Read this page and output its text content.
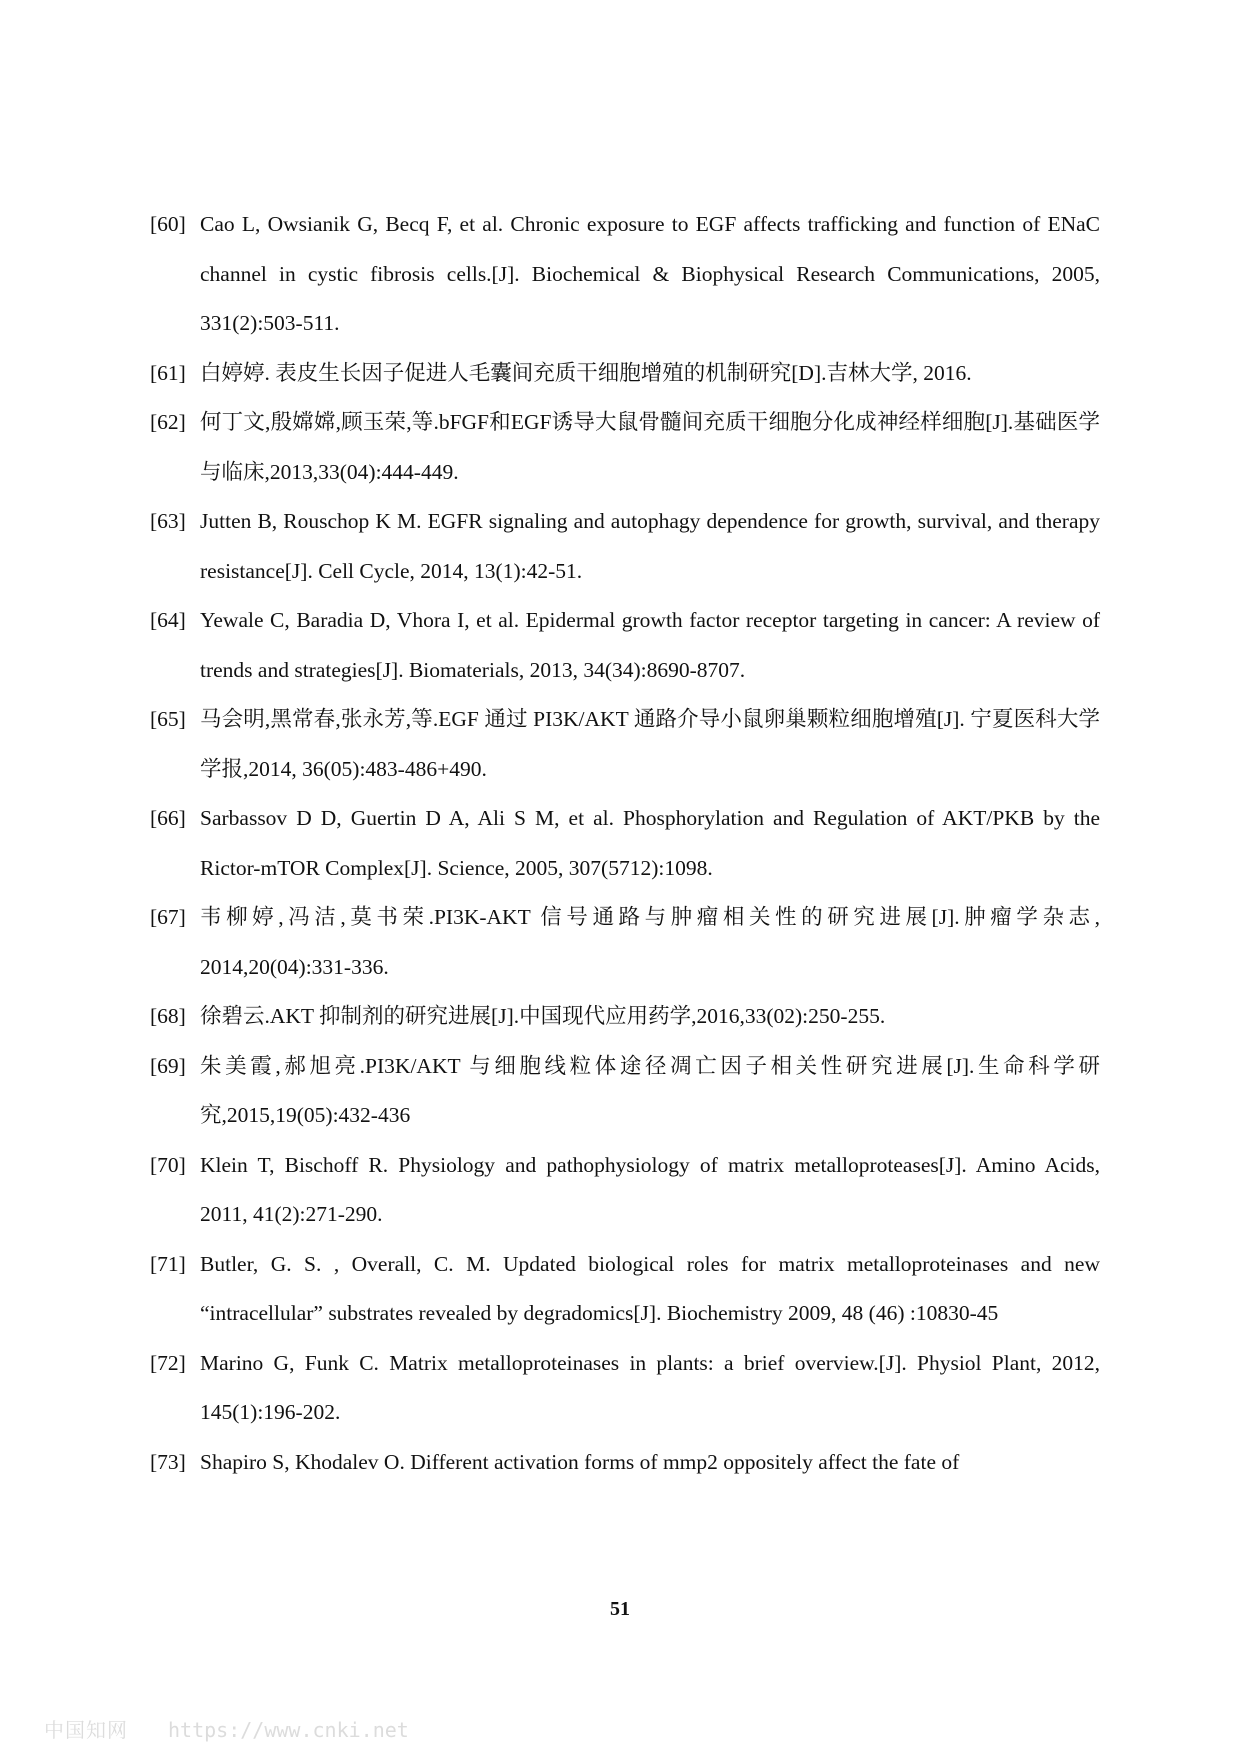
[60] Cao L, Owsianik G, Becq F, et al. Chronic exposure to EGF affects trafficking and function of ENaC channel in cystic fibrosis cells.[J]. Biochemical & Biophysical Research Communications, 2005, 331(2):503-511.
[61] 白婷婷. 表皮生长因子促进人毛囊间充质干细胞增殖的机制研究[D].吉林大学, 2016.
[62] 何丁文,殷嫦嫦,顾玉荣,等.bFGF和EGF诱导大鼠骨髓间充质干细胞分化成神经样细胞[J].基础医学与临床,2013,33(04):444-449.
[63] Jutten B, Rouschop K M. EGFR signaling and autophagy dependence for growth, survival, and therapy resistance[J]. Cell Cycle, 2014, 13(1):42-51.
[64] Yewale C, Baradia D, Vhora I, et al. Epidermal growth factor receptor targeting in cancer: A review of trends and strategies[J]. Biomaterials, 2013, 34(34):8690-8707.
[65] 马会明,黑常春,张永芳,等.EGF 通过 PI3K/AKT 通路介导小鼠卵巢颗粒细胞增殖[J]. 宁夏医科大学学报,2014, 36(05):483-486+490.
[66] Sarbassov D D, Guertin D A, Ali S M, et al. Phosphorylation and Regulation of AKT/PKB by the Rictor-mTOR Complex[J]. Science, 2005, 307(5712):1098.
[67] 韦柳婷,冯洁,莫书荣.PI3K-AKT 信号通路与肿瘤相关性的研究进展[J].肿瘤学杂志, 2014,20(04):331-336.
[68] 徐碧云.AKT 抑制剂的研究进展[J].中国现代应用药学,2016,33(02):250-255.
[69] 朱美霞,郝旭亮.PI3K/AKT 与细胞线粒体途径凋亡因子相关性研究进展[J].生命科学研究,2015,19(05):432-436
[70] Klein T, Bischoff R. Physiology and pathophysiology of matrix metalloproteases[J]. Amino Acids, 2011, 41(2):271-290.
[71] Butler, G. S. , Overall, C. M. Updated biological roles for matrix metalloproteinases and new “intracellular” substrates revealed by degradomics[J]. Biochemistry 2009, 48 (46) :10830-45
[72] Marino G, Funk C. Matrix metalloproteinases in plants: a brief overview.[J]. Physiol Plant, 2012, 145(1):196-202.
[73] Shapiro S, Khodalev O. Different activation forms of mmp2 oppositely affect the fate of
51
中国知网 https://www.cnki.net
